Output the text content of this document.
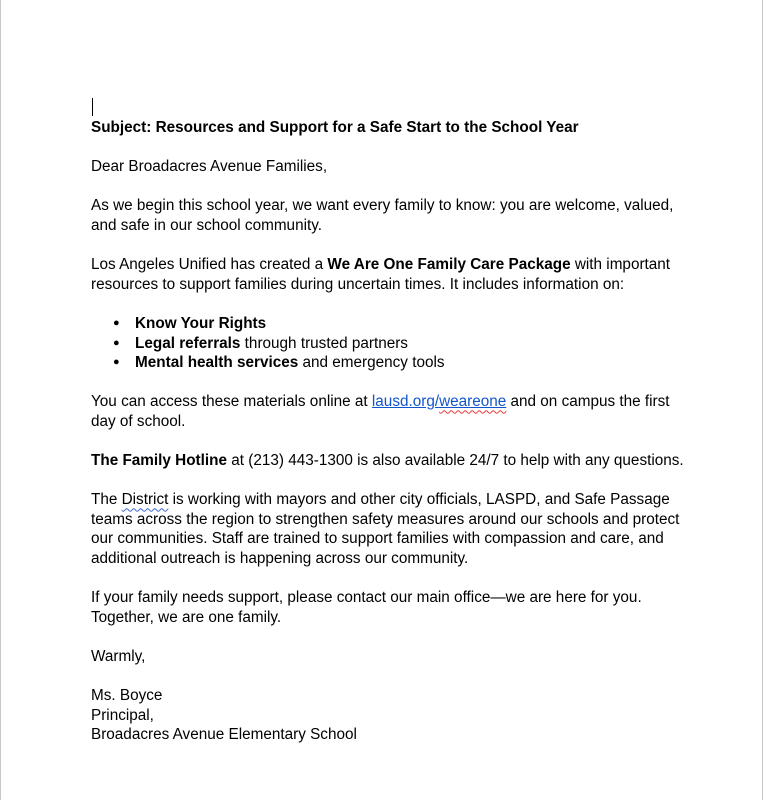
Subject: Resources and Support for a Safe Start to the School Year

Dear Broadacres Avenue Families,

As we begin this school year, we want every family to know: you are welcome, valued, and safe in our school community.

Los Angeles Unified has created a We Are One Family Care Package with important resources to support families during uncertain times. It includes information on:

● Know Your Rights
● Legal referrals through trusted partners
● Mental health services and emergency tools

You can access these materials online at lausd.org/weareone and on campus the first day of school.

The Family Hotline at (213) 443-1300 is also available 24/7 to help with any questions.

The District is working with mayors and other city officials, LASPD, and Safe Passage teams across the region to strengthen safety measures around our schools and protect our communities. Staff are trained to support families with compassion and care, and additional outreach is happening across our community.

If your family needs support, please contact our main office—we are here for you. Together, we are one family.

Warmly,

Ms. Boyce

Principal,

Broadacres Avenue Elementary School
